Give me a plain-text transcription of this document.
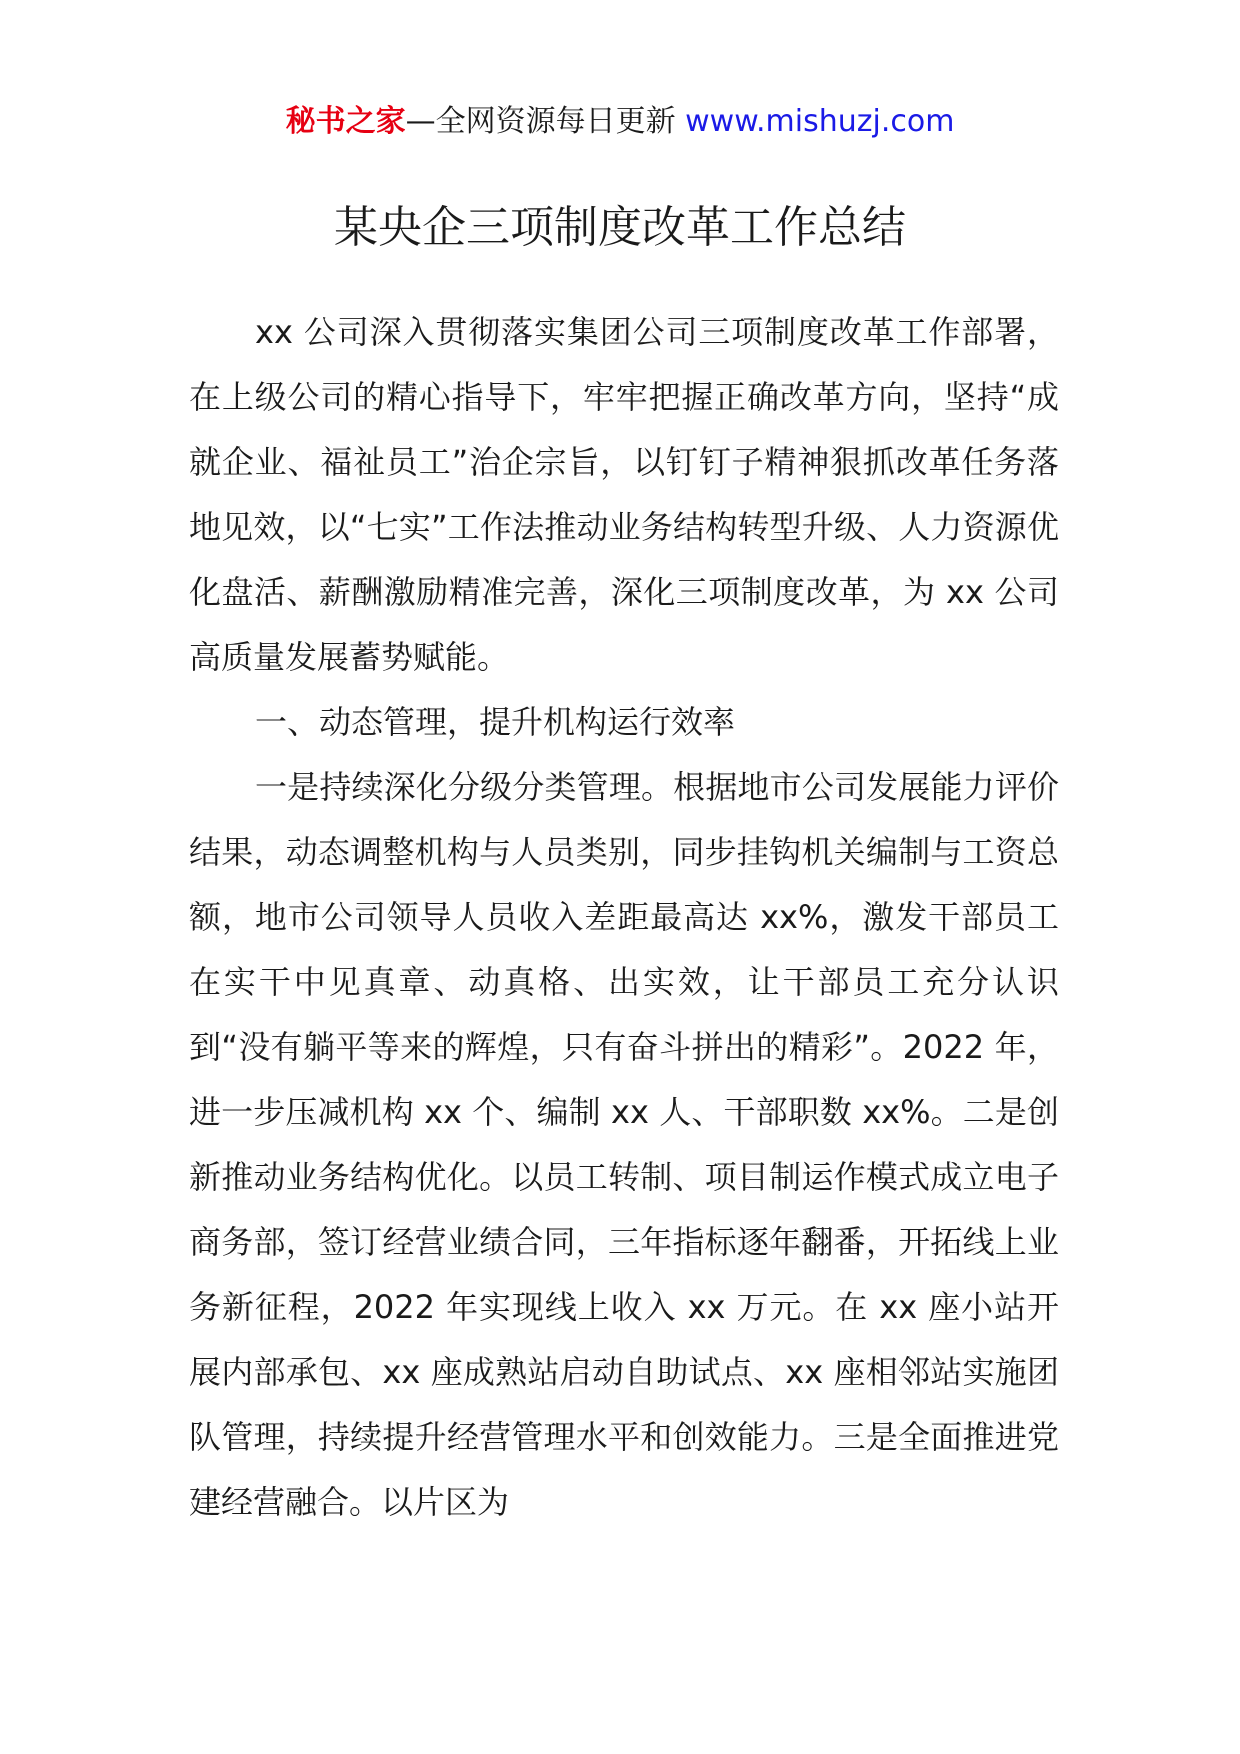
秘书之家—全网资源每日更新 www.mishuzj.com
某央企三项制度改革工作总结

xx 公司深入贯彻落实集团公司三项制度改革工作部署，在上级公司的精心指导下，牢牢把握正确改革方向，坚持“成就企业、福祉员工”治企宗旨，以钉钉子精神狠抓改革任务落地见效，以“七实”工作法推动业务结构转型升级、人力资源优化盘活、薪酬激励精准完善，深化三项制度改革，为 xx 公司高质量发展蓄势赋能。

一、动态管理，提升机构运行效率

一是持续深化分级分类管理。根据地市公司发展能力评价结果，动态调整机构与人员类别，同步挂钩机关编制与工资总额，地市公司领导人员收入差距最高达 xx%，激发干部员工在实干中见真章、动真格、出实效，让干部员工充分认识到“没有躺平等来的辉煌，只有奋斗拼出的精彩”。2022 年，进一步压减机构 xx 个、编制 xx 人、干部职数 xx%。二是创新推动业务结构优化。以员工转制、项目制运作模式成立电子商务部，签订经营业绩合同，三年指标逐年翻番，开拓线上业务新征程，2022 年实现线上收入 xx 万元。在 xx 座小站开展内部承包、xx 座成熟站启动自助试点、xx 座相邻站实施团队管理，持续提升经营管理水平和创效能力。三是全面推进党建经营融合。以片区为
